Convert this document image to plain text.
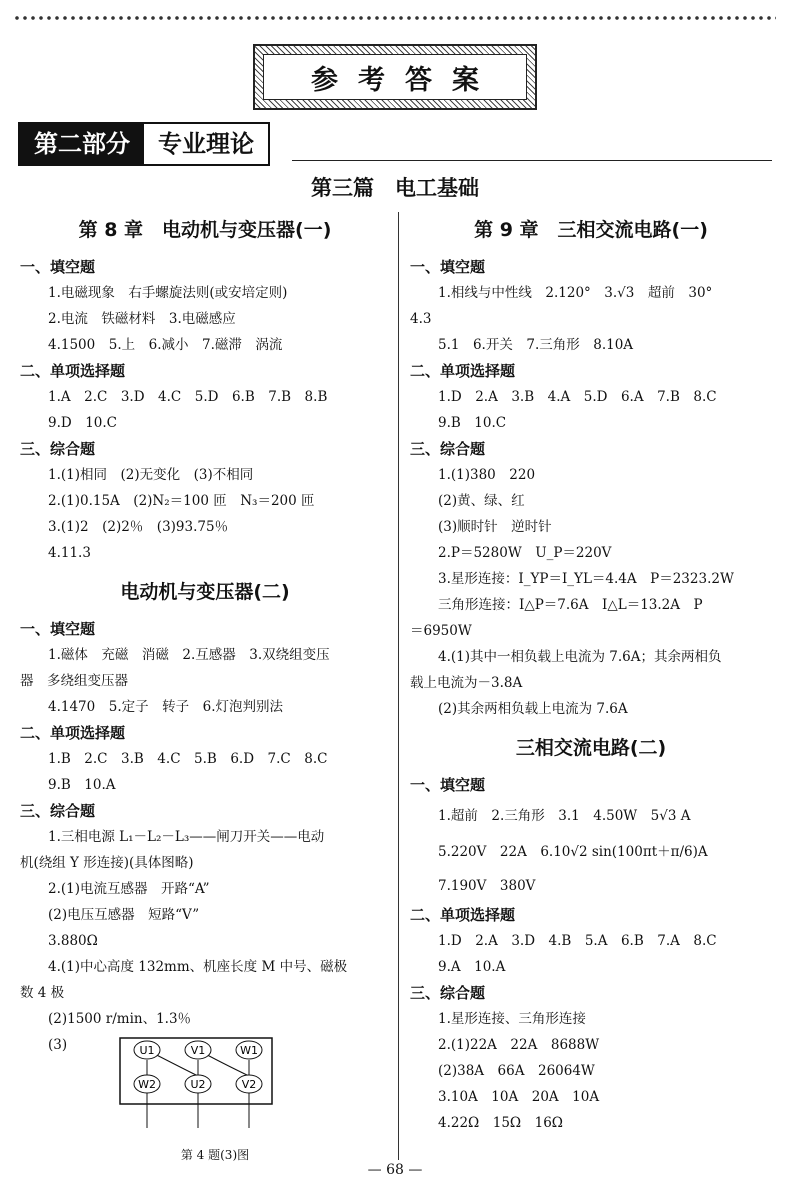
参考答案
第二部分	专业理论
第三篇　电工基础
第 8 章　电动机与变压器(一)
一、填空题
1.电磁现象　右手螺旋法则(或安培定则)
2.电流　铁磁材料　3.电磁感应
4.1500　5.上　6.减小　7.磁滞　涡流
二、单项选择题
1.A　2.C　3.D　4.C　5.D　6.B　7.B　8.B
9.D　10.C
三、综合题
1.(1)相同　(2)无变化　(3)不相同
2.(1)0.15A　(2)N₂＝100 匝　N₃＝200 匝
3.(1)2　(2)2％　(3)93.75％
4.11.3
电动机与变压器(二)
一、填空题
1.磁体　充磁　消磁　2.互感器　3.双绕组变压
器　多绕组变压器
4.1470　5.定子　转子　6.灯泡判别法
二、单项选择题
1.B　2.C　3.B　4.C　5.B　6.D　7.C　8.C
9.B　10.A
三、综合题
1.三相电源 L₁－L₂－L₃——闸刀开关——电动
机(绕组 Y 形连接)(具体图略)
2.(1)电流互感器　开路“A”
(2)电压互感器　短路“V”
3.880Ω
4.(1)中心高度 132mm、机座长度 M 中号、磁极
数 4 极
(2)1500 r/min、1.3％
(3)	U1	V1	W1
W2	U2	V2
第 4 题(3)图
第 9 章　三相交流电路(一)
一、填空题
1.相线与中性线　2.120°　3.√3　超前　30°
4.3
5.1　6.开关　7.三角形　8.10A
二、单项选择题
1.D　2.A　3.B　4.A　5.D　6.A　7.B　8.C
9.B　10.C
三、综合题
1.(1)380　220
(2)黄、绿、红
(3)顺时针　逆时针
2.P＝5280W　U_P＝220V
3.星形连接：I_YP＝I_YL＝4.4A　P＝2323.2W
三角形连接：I△P＝7.6A　I△L＝13.2A　P
＝6950W
4.(1)其中一相负载上电流为 7.6A；其余两相负
载上电流为－3.8A
(2)其余两相负载上电流为 7.6A
三相交流电路(二)
一、填空题
1.超前　2.三角形　3.1　4.50W　5√3 A
5.220V　22A　6.10√2 sin(100πt＋π/6)A
7.190V　380V
二、单项选择题
1.D　2.A　3.D　4.B　5.A　6.B　7.A　8.C
9.A　10.A
三、综合题
1.星形连接、三角形连接
2.(1)22A　22A　8688W
(2)38A　66A　26064W
3.10A　10A　20A　10A
4.22Ω　15Ω　16Ω
— 68 —
